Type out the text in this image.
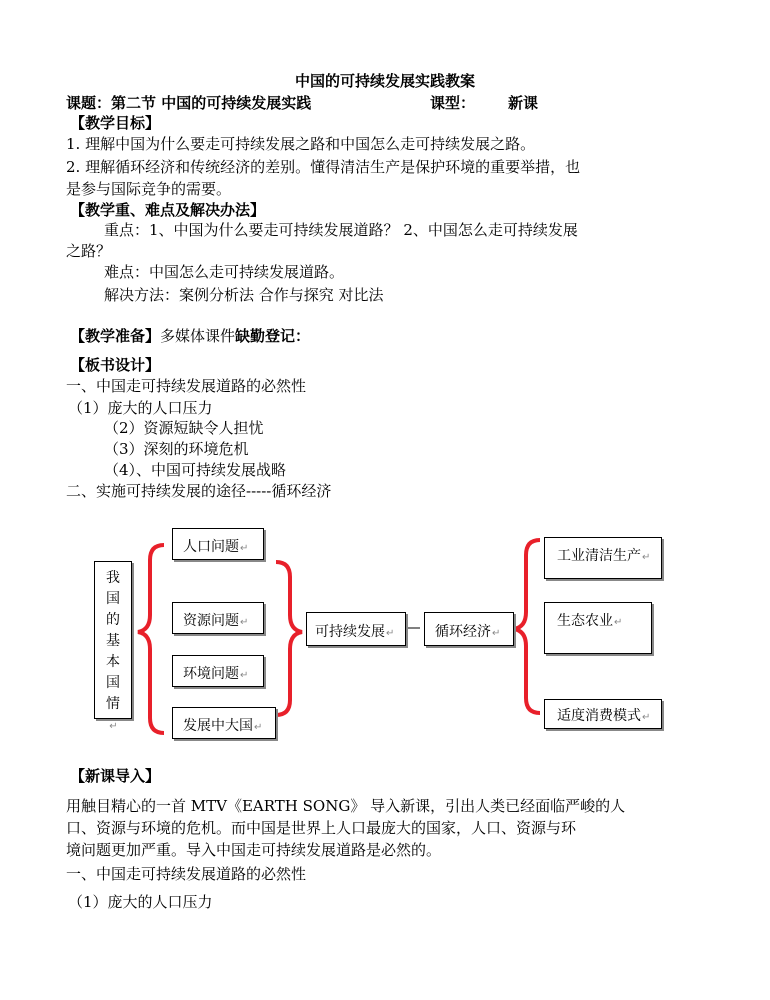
中国的可持续发展实践教案
课题：第二节 中国的可持续发展实践	课型： 新课
【教学目标】
1. 理解中国为什么要走可持续发展之路和中国怎么走可持续发展之路。
2. 理解循环经济和传统经济的差别。懂得清洁生产是保护环境的重要举措，也
是参与国际竞争的需要。
【教学重、难点及解决办法】
重点：1、中国为什么要走可持续发展道路？ 2、中国怎么走可持续发展
之路？
难点：中国怎么走可持续发展道路。
解决方法：案例分析法 合作与探究 对比法
【教学准备】多媒体课件缺勤登记：
【板书设计】
一、中国走可持续发展道路的必然性
（1）庞大的人口压力
（2）资源短缺令人担忧
（3）深刻的环境危机
（4）、中国可持续发展战略
二、实施可持续发展的途径-----循环经济
我国的基本国情↵
人口问题↵
资源问题↵
环境问题↵
发展中大国↵
可持续发展↵	循环经济↵
工业清洁生产↵
生态农业↵
适度消费模式↵
【新课导入】
用触目精心的一首 MTV《EARTH SONG》 导入新课，引出人类已经面临严峻的人
口、资源与环境的危机。而中国是世界上人口最庞大的国家，人口、资源与环
境问题更加严重。导入中国走可持续发展道路是必然的。
一、中国走可持续发展道路的必然性
（1）庞大的人口压力
